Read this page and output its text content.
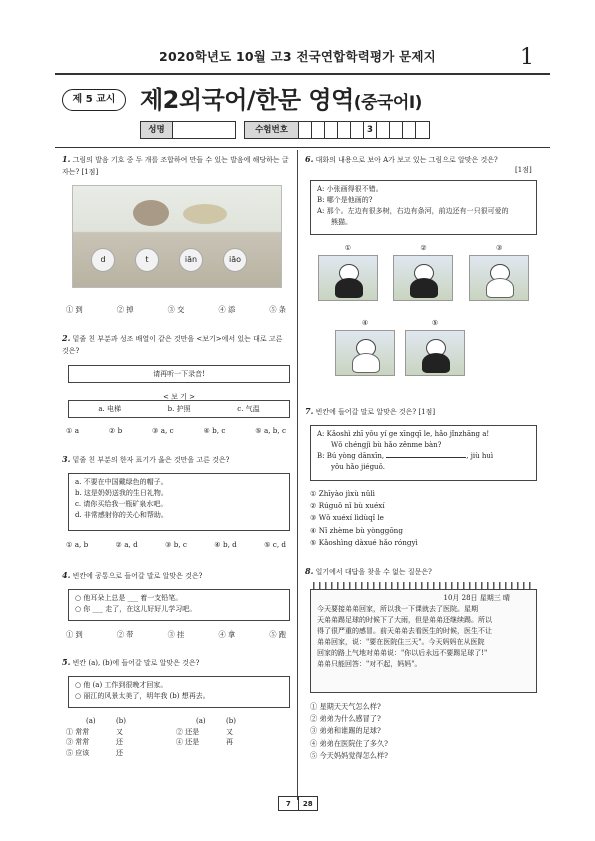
2020학년도 10월 고3 전국연합학력평가 문제지	1
제 5 교시	제2외국어/한문 영역(중국어Ⅰ)
성명	수험번호	3
1. 그림의 발음 기호 중 두 개를 조합하여 만들 수 있는 발음에 해당하는 글자는? [1점]
d	t	iān	iāo
① 到	② 掉	③ 交	④ 添	⑤ 条
2. 밑줄 친 부분과 성조 배열이 같은 것만을 <보기>에서 있는 대로 고른 것은?
请再听一下录音!
< 보 기 >
a. 电梯	b. 护照	c. 气温
① a	② b	③ a, c	④ b, c	⑤ a, b, c
3. 밑줄 친 부분의 한자 표기가 옳은 것만을 고른 것은?
a. 不要在中国戴绿色的帽子。
b. 这是奶奶送我的生日礼物。
c. 请你买给我一瓶矿泉水吧。
d. 非常感射你的关心和帮助。
① a, b	② a, d	③ b, c	④ b, d	⑤ c, d
4. 빈칸에 공통으로 들어갈 말로 알맞은 것은?
○ 他耳朵上总是 ___ 着一支铅笔。
○ 你 ___ 走了，在这儿好好儿学习吧。
① 到	② 带	③ 挂	④ 拿	⑤ 跑
5. 빈칸 (a), (b)에 들어갈 말로 알맞은 것은?
○ 他 (a) 工作到很晚才回家。
○ 丽江的风景太美了，明年我 (b) 想再去。
(a)	(b)	(a)	(b)
① 常常	又	② 还是	又
③ 常常	还	④ 还是	再
⑤ 应该	还
6. 대화의 내용으로 보아 A가 보고 있는 그림으로 알맞은 것은?
[1점]
A: 小张画得很不错。
B: 哪个是他画的?
A: 那个。左边有很多树，右边有条河，前边还有一只很可爱的
熊猫。
①	②	③
④	⑤
7. 빈칸에 들어갈 말로 알맞은 것은? [1점]
A: Kǎoshì zhī yǒu yí ge xīngqī le, hǎo jǐnzhāng a!
Wǒ chéngjì bù hǎo zěnme bàn?
B: Bú yòng dānxīn,	, jiù huì
yǒu hǎo jiéguǒ.
① Zhīyào jìxù nǔlì
② Rúguǒ nǐ bù xuéxí
③ Wǒ xuéxí lìdùqǐ le
④ Nǐ zhème bù yònggōng
⑤ Kǎoshìng dàxué hǎo róngyì
8. 일기에서 대답을 찾을 수 없는 질문은?
10月 28日 星期三 晴
今天要接弟弟回家，所以我一下课就去了医院。星期
天弟弟踢足球的时候下了大雨，但是弟弟还继续踢。所以
得了很严重的感冒。前天弟弟去看医生的时候，医生不让
弟弟回家，说："要在医院住三天"。今天妈妈在从医院
回家的路上气地对弟弟说："你以后永远不要踢足球了!"
弟弟只能回答："对不起，妈妈"。
① 星期天天气怎么样?
② 弟弟为什么感冒了?
③ 弟弟和谁踢的足球?
④ 弟弟在医院住了多久?
⑤ 今天妈妈觉得怎么样?
7	28
